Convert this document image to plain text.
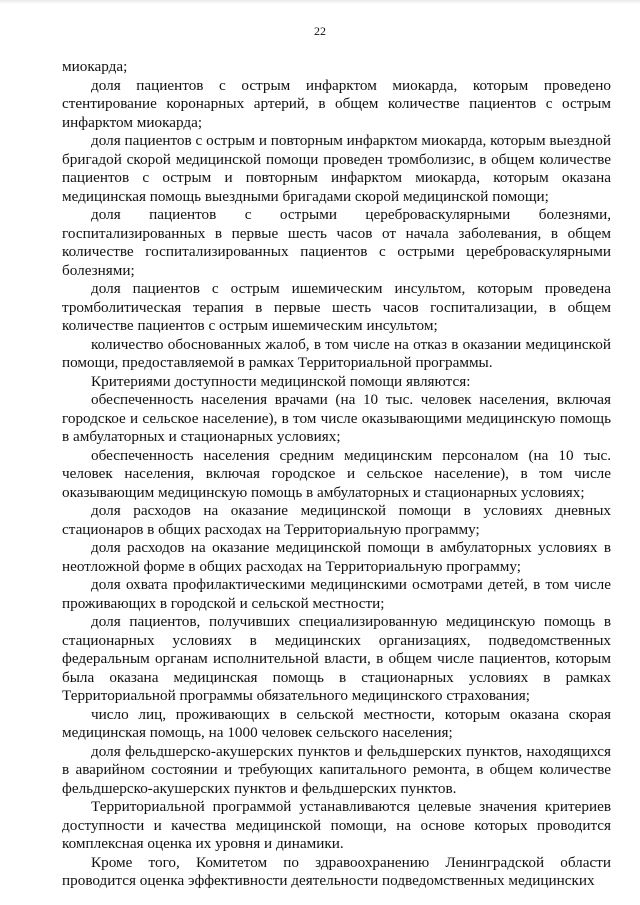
22

миокарда;

доля пациентов с острым инфарктом миокарда, которым проведено стентирование коронарных артерий, в общем количестве пациентов с острым инфарктом миокарда;

доля пациентов с острым и повторным инфарктом миокарда, которым выездной бригадой скорой медицинской помощи проведен тромболизис, в общем количестве пациентов с острым и повторным инфарктом миокарда, которым оказана медицинская помощь выездными бригадами скорой медицинской помощи;

доля пациентов с острыми цереброваскулярными болезнями, госпитализированных в первые шесть часов от начала заболевания, в общем количестве госпитализированных пациентов с острыми цереброваскулярными болезнями;

доля пациентов с острым ишемическим инсультом, которым проведена тромболитическая терапия в первые шесть часов госпитализации, в общем количестве пациентов с острым ишемическим инсультом;

количество обоснованных жалоб, в том числе на отказ в оказании медицинской помощи, предоставляемой в рамках Территориальной программы.

Критериями доступности медицинской помощи являются:

обеспеченность населения врачами (на 10 тыс. человек населения, включая городское и сельское население), в том числе оказывающими медицинскую помощь в амбулаторных и стационарных условиях;

обеспеченность населения средним медицинским персоналом (на 10 тыс. человек населения, включая городское и сельское население), в том числе оказывающим медицинскую помощь в амбулаторных и стационарных условиях;

доля расходов на оказание медицинской помощи в условиях дневных стационаров в общих расходах на Территориальную программу;

доля расходов на оказание медицинской помощи в амбулаторных условиях в неотложной форме в общих расходах на Территориальную программу;

доля охвата профилактическими медицинскими осмотрами детей, в том числе проживающих в городской и сельской местности;

доля пациентов, получивших специализированную медицинскую помощь в стационарных условиях в медицинских организациях, подведомственных федеральным органам исполнительной власти, в общем числе пациентов, которым была оказана медицинская помощь в стационарных условиях в рамках Территориальной программы обязательного медицинского страхования;

число лиц, проживающих в сельской местности, которым оказана скорая медицинская помощь, на 1000 человек сельского населения;

доля фельдшерско-акушерских пунктов и фельдшерских пунктов, находящихся в аварийном состоянии и требующих капитального ремонта, в общем количестве фельдшерско-акушерских пунктов и фельдшерских пунктов.

Территориальной программой устанавливаются целевые значения критериев доступности и качества медицинской помощи, на основе которых проводится комплексная оценка их уровня и динамики.

Кроме того, Комитетом по здравоохранению Ленинградской области проводится оценка эффективности деятельности подведомственных медицинских
